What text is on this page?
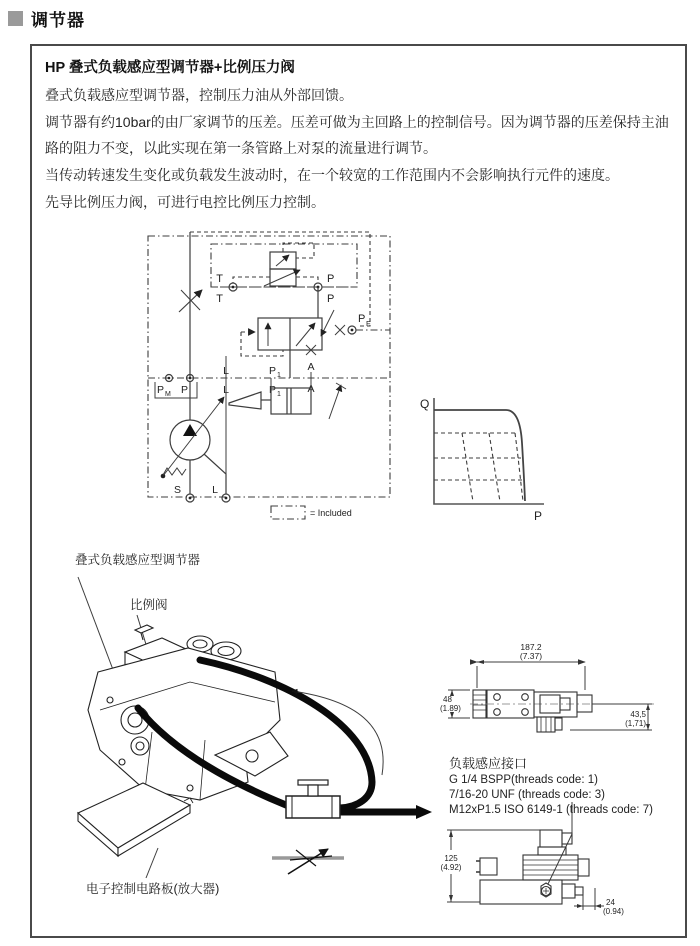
调节器
HP 叠式负载感应型调节器+比例压力阀

叠式负载感应型调节器，控制压力油从外部回馈。

调节器有约10bar的由厂家调节的压差。压差可做为主回路上的控制信号。因为调节器的压差保持主油路的阻力不变，以此实现在第一条管路上对泵的流量进行调节。

当传动转速发生变化或负载发生波动时，在一个较宽的工作范围内不会影响执行元件的速度。

先导比例压力阀，可进行电控比例压力控制。

T
T
P
P
P F
A
A
L
L
P 1
P 1
P M P
S	L
= Included
Q
P
叠式负载感应型调节器
比例阀
电子控制电路板(放大器)
187.2
(7.37)
48
(1.89)
43,5
(1,71)
负载感应接口
G 1/4 BSPP(threads code: 1)
7/16-20 UNF (threads code: 3)
M12xP1.5 ISO 6149-1 (threads code: 7)
125
(4.92)
24
(0.94)
